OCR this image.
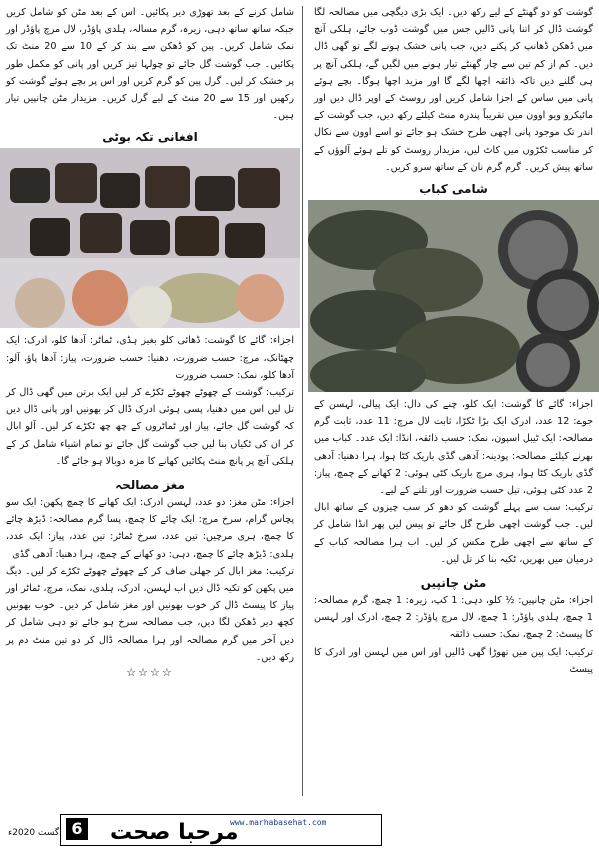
گوشت کو دو گھنٹے کے لیے رکھ دیں۔ ایک بڑی دیگچی میں مصالحہ لگا گوشت ڈال کر اتنا پانی ڈالیں جس میں گوشت ڈوب جائے، ہلکی آنچ میں ڈھکن ڈھانپ کر پکنے دیں، جب پانی خشک ہونے لگے تو گھی ڈال دیں۔ کم از کم تین سے چار گھنٹے تیار ہونے میں لگیں گے، ہلکی آنچ پر ہی گلنے دیں تاکہ ذائقہ اچھا لگے گا اور مزید اچھا ہوگا۔ بچے ہوئے پانی میں ساس کے اجزا شامل کریں اور روسٹ کے اوپر ڈال دیں اور مائیکرو ویو اوون میں تقریباً پندرہ منٹ کیلئے رکھ دیں، جب گوشت کے اندر تک موجود پانی اچھی طرح خشک ہو جائے تو اسے اوون سے نکال کر مناسب ٹکڑوں میں کاٹ لیں، مزیدار روسٹ کو تلے ہوئے آلوؤں کے ساتھ پیش کریں۔ گرم گرم نان کے ساتھ سرو کریں۔

شامی کباب

اجزاء: گائے کا گوشت: ایک کلو، چنے کی دال: ایک پیالی، لہسن کے جوے: 12 عدد، ادرک ایک بڑا ٹکڑا، ثابت لال مرچ: 11 عدد، ثابت گرم مصالحہ: ایک ٹیبل اسپون، نمک: حسب ذائقہ، انڈا: ایک عدد۔ کباب میں بھرنے کیلئے مصالحہ: پودینہ: آدھی گڈی باریک کٹا ہوا، ہرا دھنیا: آدھی گڈی باریک کٹا ہوا، ہری مرچ باریک کٹی ہوئی: 2 کھانے کے چمچ، پیاز: 2 عدد کٹی ہوئی، تیل حسب ضرورت اور تلنے کے لیے۔

ترکیب: سب سے پہلے گوشت کو دھو کر سب چیزوں کے ساتھ ابال لیں۔ جب گوشت اچھی طرح گل جائے تو پیس لیں پھر انڈا شامل کر کے ساتھ سے اچھی طرح مکس کر لیں۔ اب ہرا مصالحہ کباب کے درمیان میں بھریں، ٹکیہ بنا کر تل لیں۔

مٹن چانپیں

اجزاء: مٹن چانپیں: ½ کلو، دہی: 1 کپ، زیرہ: 1 چمچ، گرم مصالحہ: 1 چمچ، ہلدی پاؤڈر: 1 چمچ، لال مرچ پاؤڈر: 2 چمچ، ادرک اور لہسن کا پیسٹ: 2 چمچ، نمک: حسب ذائقہ

ترکیب: ایک پین میں تھوڑا گھی ڈالیں اور اس میں لہسن اور ادرک کا پیسٹ

شامل کرنے کے بعد تھوڑی دیر پکائیں۔ اس کے بعد مٹن کو شامل کریں جبکہ ساتھ ساتھ دہی، زیرہ، گرم مسالہ، ہلدی پاؤڈر، لال مرچ پاؤڈر اور نمک شامل کریں۔ پین کو ڈھکن سے بند کر کے 10 سے 20 منٹ تک پکائیں۔ جب گوشت گل جائے تو چولہا تیز کریں اور پانی کو مکمل طور پر خشک کر لیں۔ گرل پین کو گرم کریں اور اس پر بچے ہوئے گوشت کو رکھیں اور 15 سے 20 منٹ کے لیے گرل کریں۔ مزیدار مٹن چانپیں تیار ہیں۔

افغانی تکہ بوٹی

اجزاء: گائے کا گوشت: ڈھائی کلو بغیر ہڈی، ٹماٹر: آدھا کلو، ادرک: ایک چھٹانک، مرچ: حسب ضرورت، دھنیا: حسب ضرورت، پیاز: آدھا پاؤ، آلو: آدھا کلو، نمک: حسب ضرورت

ترکیب: گوشت کے چھوٹے چھوٹے ٹکڑے کر لیں ایک برتن میں گھی ڈال کر تل لیں اس میں دھنیا، پسی ہوئی ادرک ڈال کر بھونیں اور پانی ڈال دیں کہ گوشت گل جائے، پیاز اور ٹماٹروں کے چھ چھ ٹکڑے کر لیں۔ آلو ابال کر ان کی ٹکیاں بنا لیں جب گوشت گل جائے تو تمام اشیاء شامل کر کے ہلکی آنچ پر پانچ منٹ پکائیں کھانے کا مزہ دوبالا ہو جائے گا۔

مغز مصالحہ

اجزاء: مٹن مغز: دو عدد، لہسن ادرک: ایک کھانے کا چمچ پکھن: ایک سو پچاس گرام، سرخ مرچ: ایک چائے کا چمچ، پسا گرم مصالحہ: ڈیڑھ چائے کا چمچ، ہری مرچیں: تین عدد، سرخ ٹماٹر: تین عدد، پیاز: ایک عدد، ہلدی: ڈیڑھ چائے کا چمچ، دہی: دو کھانے کے چمچ، ہرا دھنیا: آدھی گڈی

ترکیب: مغز ابال کر جھلی صاف کر کے چھوٹے چھوٹے ٹکڑے کر لیں۔ دیگ میں پکھن کو تکیہ ڈال دیں اب لہسن، ادرک، ہلدی، نمک، مرچ، ٹماٹر اور پیاز کا پیسٹ ڈال کر خوب بھونیں اور مغز شامل کر دیں۔ خوب بھونیں کچھ دیر ڈھکن لگا دیں، جب مصالحہ سرخ ہو جائے تو دہی شامل کر دیں آخر میں گرم مصالحہ اور ہرا مصالحہ ڈال کر دو تین منٹ دم پر رکھ دیں۔

☆☆☆☆
6 مرحبا صحت
www.marhabasehat.com
اگست 2020ء
